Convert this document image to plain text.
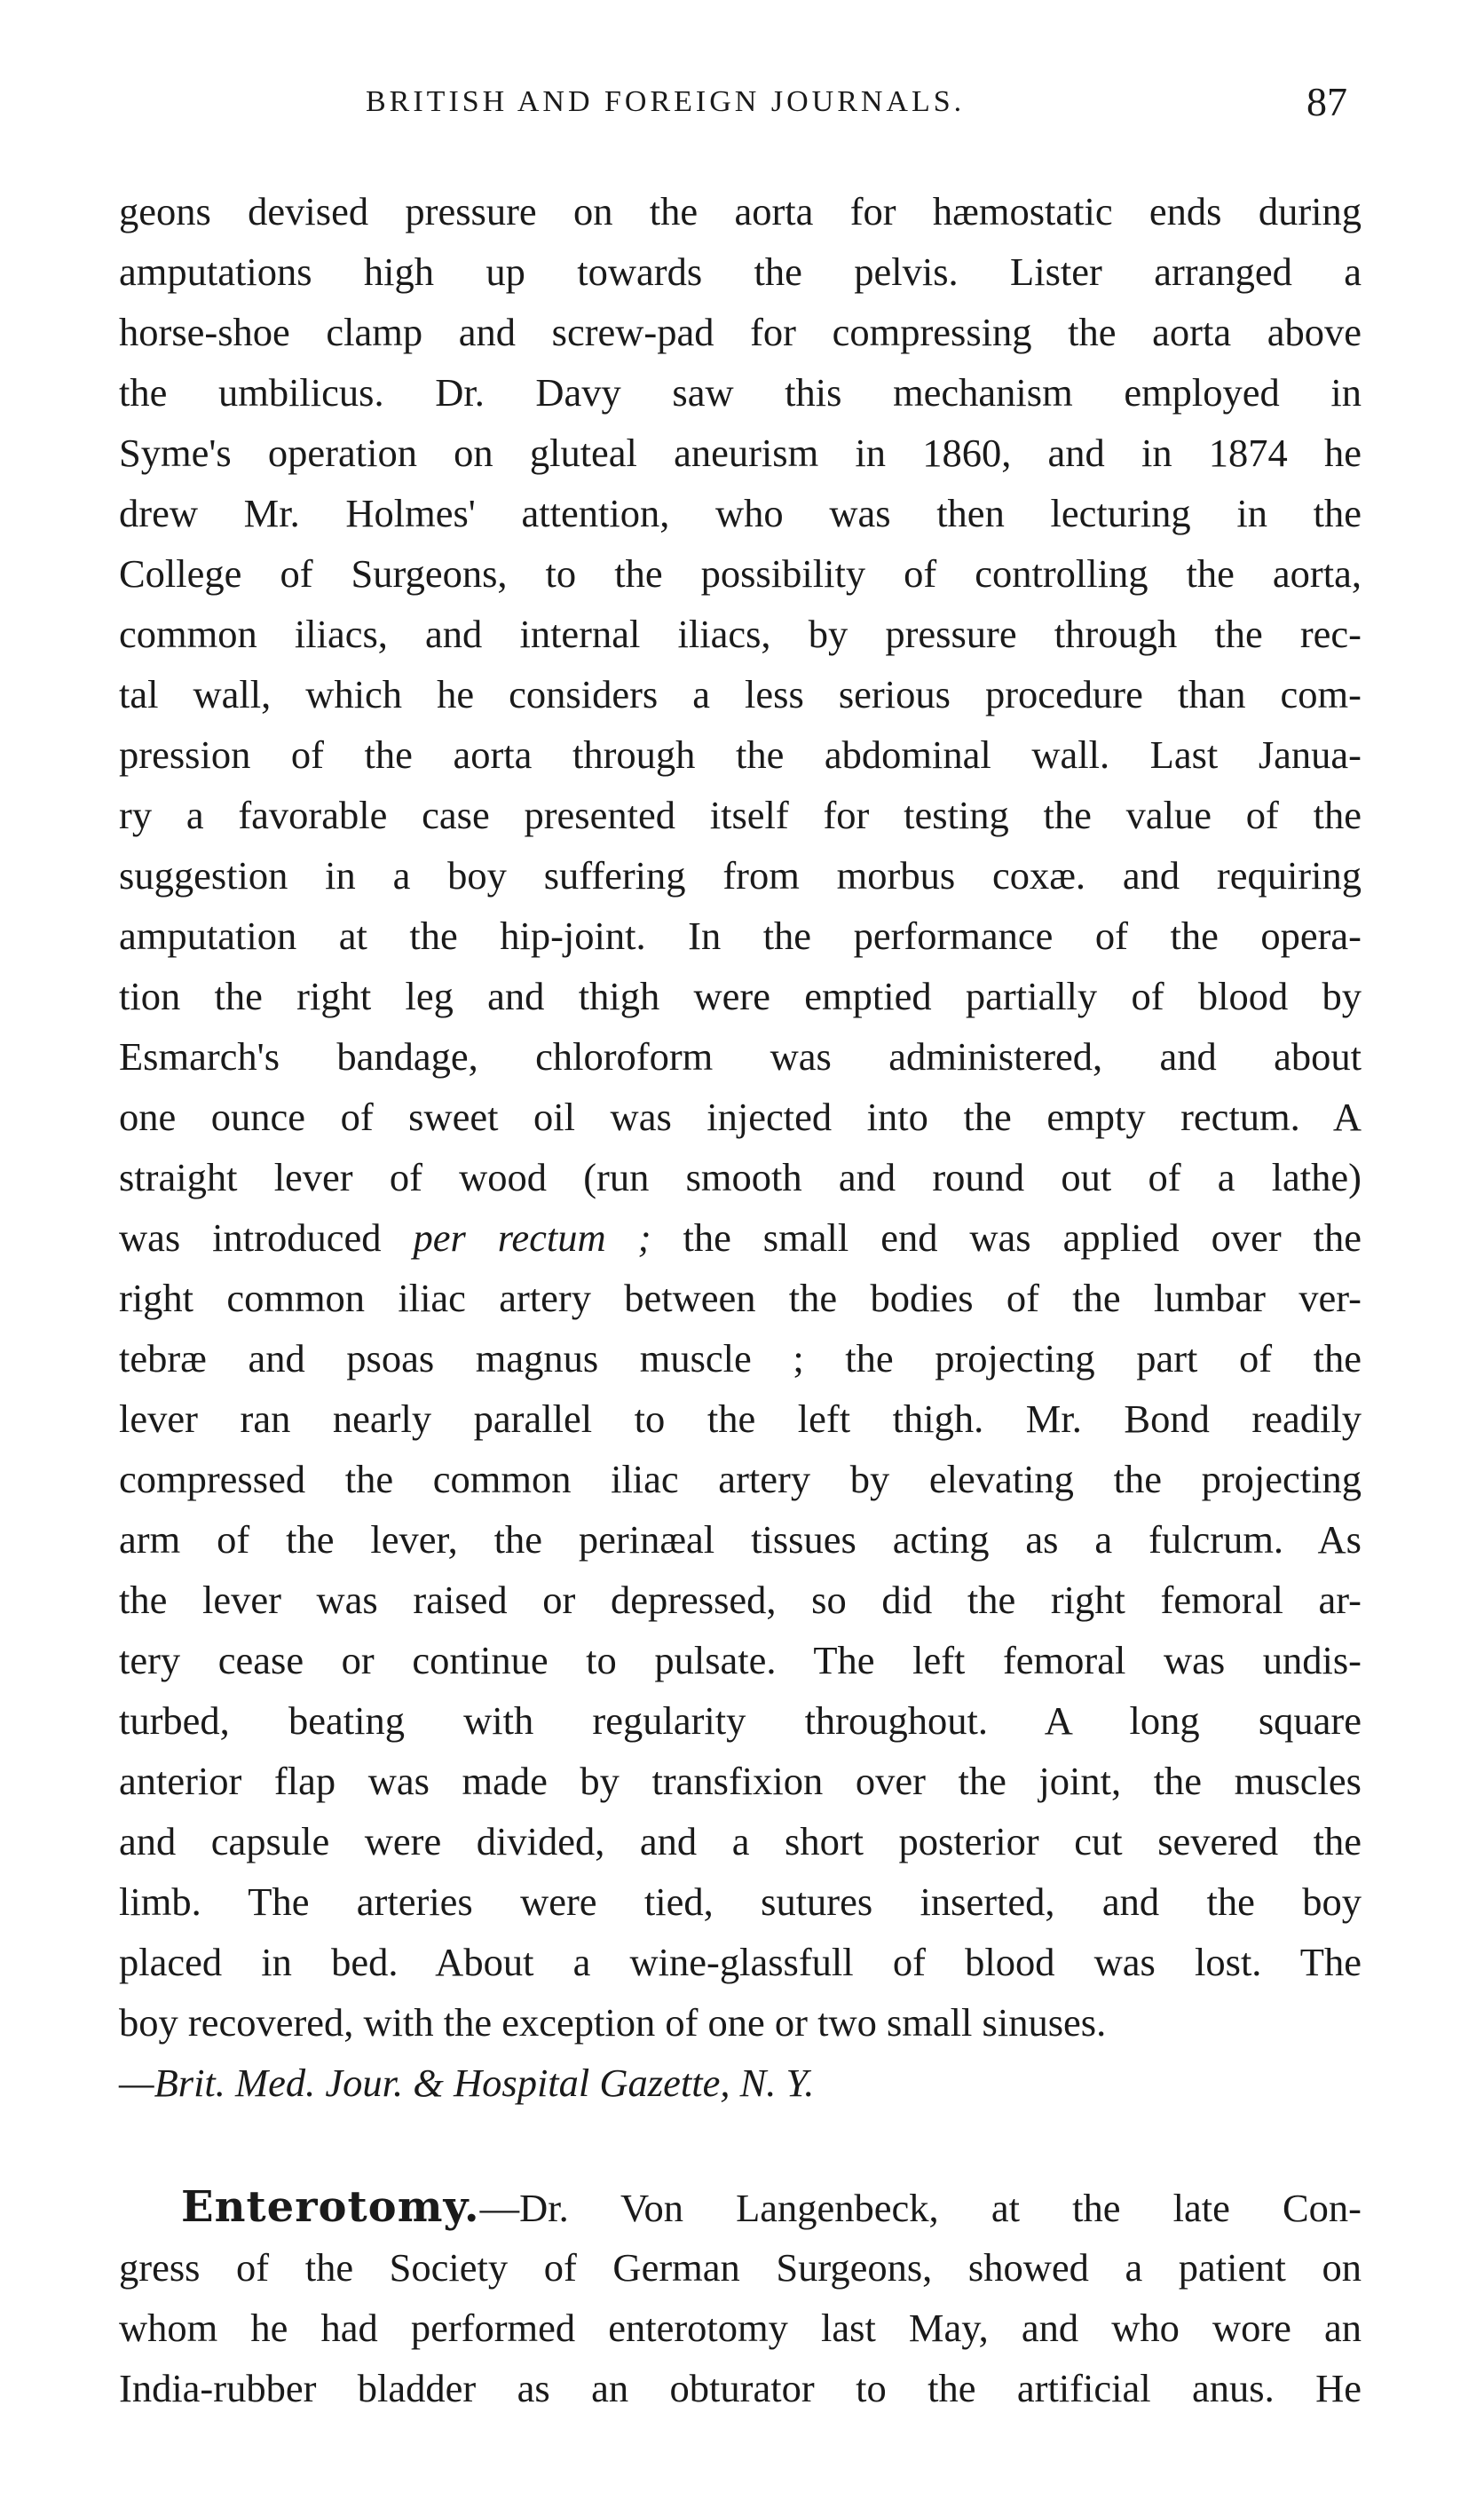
BRITISH AND FOREIGN JOURNALS.	87
geons devised pressure on the aorta for hæmostatic ends during
amputations high up towards the pelvis. Lister arranged a
horse-shoe clamp and screw-pad for compressing the aorta above
the umbilicus. Dr. Davy saw this mechanism employed in
Syme's operation on gluteal aneurism in 1860, and in 1874 he
drew Mr. Holmes' attention, who was then lecturing in the
College of Surgeons, to the possibility of controlling the aorta,
common iliacs, and internal iliacs, by pressure through the rec-
tal wall, which he considers a less serious procedure than com-
pression of the aorta through the abdominal wall. Last Janua-
ry a favorable case presented itself for testing the value of the
suggestion in a boy suffering from morbus coxæ. and requiring
amputation at the hip-joint. In the performance of the opera-
tion the right leg and thigh were emptied partially of blood by
Esmarch's bandage, chloroform was administered, and about
one ounce of sweet oil was injected into the empty rectum. A
straight lever of wood (run smooth and round out of a lathe)
was introduced per rectum ; the small end was applied over the
right common iliac artery between the bodies of the lumbar ver-
tebræ and psoas magnus muscle ; the projecting part of the
lever ran nearly parallel to the left thigh. Mr. Bond readily
compressed the common iliac artery by elevating the projecting
arm of the lever, the perinæal tissues acting as a fulcrum. As
the lever was raised or depressed, so did the right femoral ar-
tery cease or continue to pulsate. The left femoral was undis-
turbed, beating with regularity throughout. A long square
anterior flap was made by transfixion over the joint, the muscles
and capsule were divided, and a short posterior cut severed the
limb. The arteries were tied, sutures inserted, and the boy
placed in bed. About a wine-glassfull of blood was lost. The
boy recovered, with the exception of one or two small sinuses.
—Brit. Med. Jour. & Hospital Gazette, N. Y.
Enterotomy.—Dr. Von Langenbeck, at the late Con-
gress of the Society of German Surgeons, showed a patient on
whom he had performed enterotomy last May, and who wore an
India-rubber bladder as an obturator to the artificial anus. He
